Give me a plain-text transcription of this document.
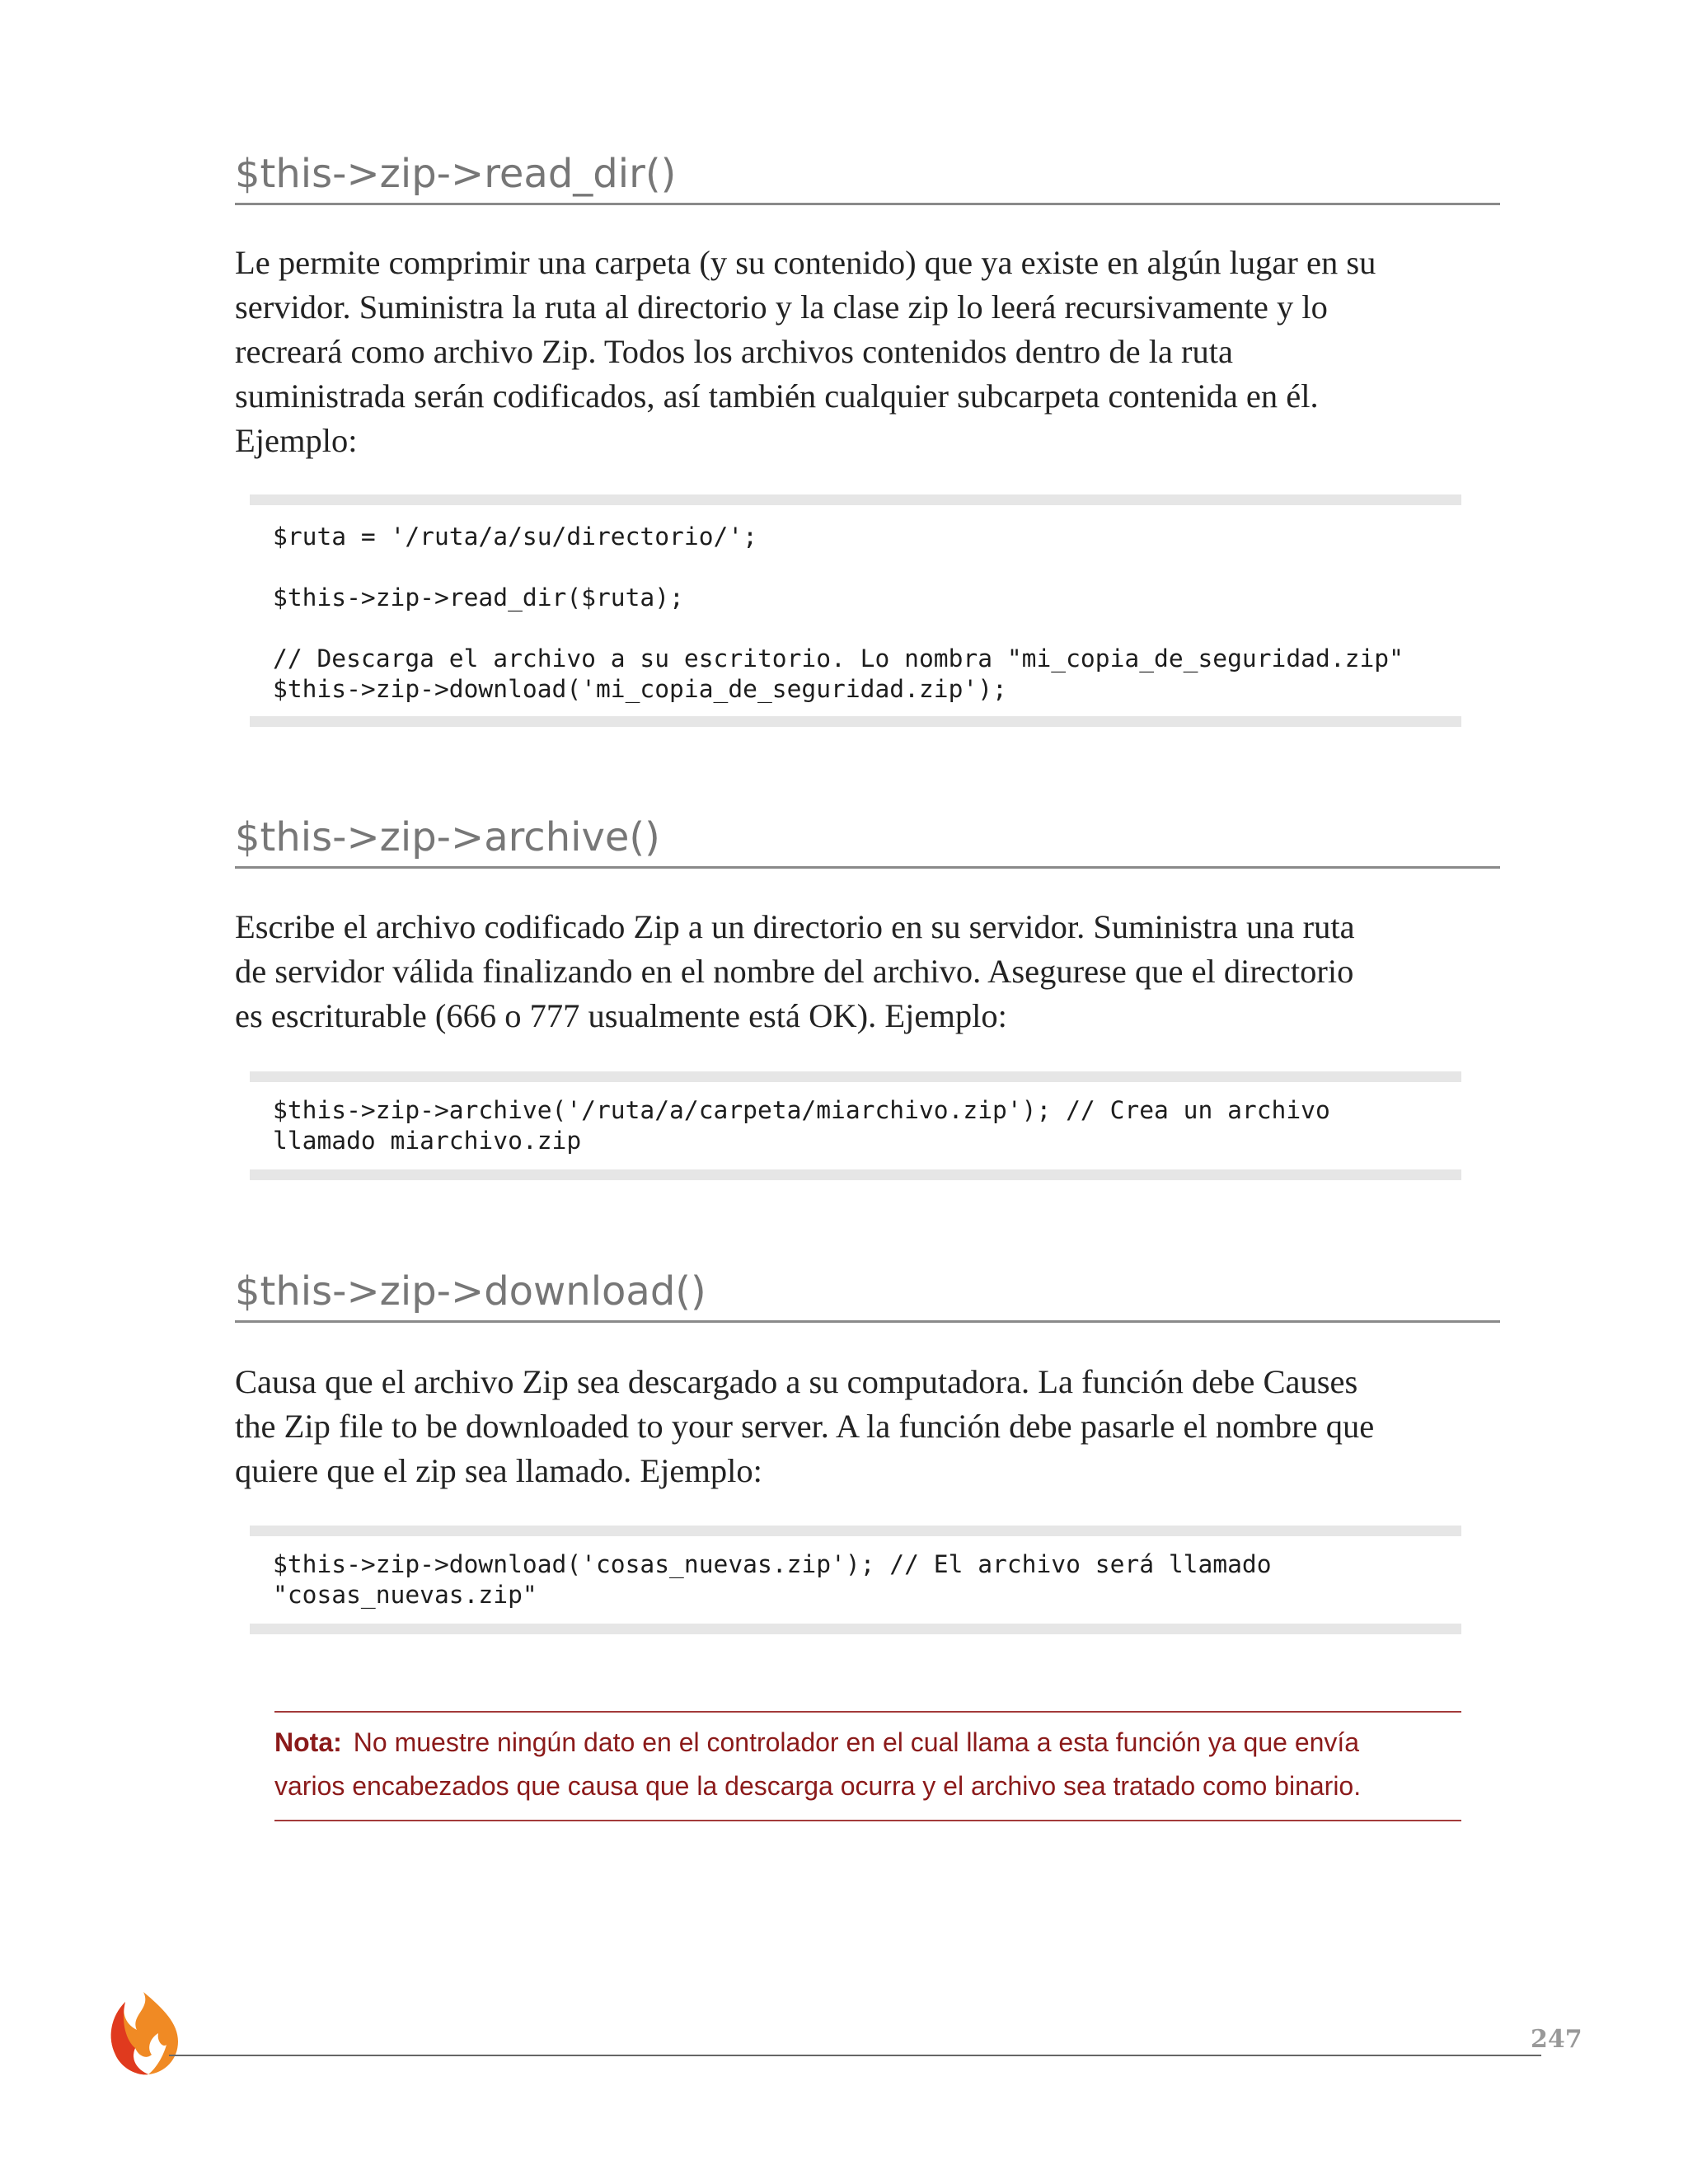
$this->zip->read_dir()
Le permite comprimir una carpeta (y su contenido) que ya existe en algún lugar en su
servidor. Suministra la ruta al directorio y la clase zip lo leerá recursivamente y lo
recreará como archivo Zip. Todos los archivos contenidos dentro de la ruta
suministrada serán codificados, así también cualquier subcarpeta contenida en él.
Ejemplo:
$ruta = '/ruta/a/su/directorio/';
$this->zip->read_dir($ruta);
// Descarga el archivo a su escritorio. Lo nombra "mi_copia_de_seguridad.zip"
$this->zip->download('mi_copia_de_seguridad.zip');
$this->zip->archive()
Escribe el archivo codificado Zip a un directorio en su servidor. Suministra una ruta
de servidor válida finalizando en el nombre del archivo. Asegurese que el directorio
es escriturable (666 o 777 usualmente está OK). Ejemplo:
$this->zip->archive('/ruta/a/carpeta/miarchivo.zip'); // Crea un archivo
llamado miarchivo.zip
$this->zip->download()
Causa que el archivo Zip sea descargado a su computadora. La función debe Causes
the Zip file to be downloaded to your server. A la función debe pasarle el nombre que
quiere que el zip sea llamado. Ejemplo:
$this->zip->download('cosas_nuevas.zip'); // El archivo será llamado
"cosas_nuevas.zip"
Nota: No muestre ningún dato en el controlador en el cual llama a esta función ya que envía
varios encabezados que causa que la descarga ocurra y el archivo sea tratado como binario.
247
